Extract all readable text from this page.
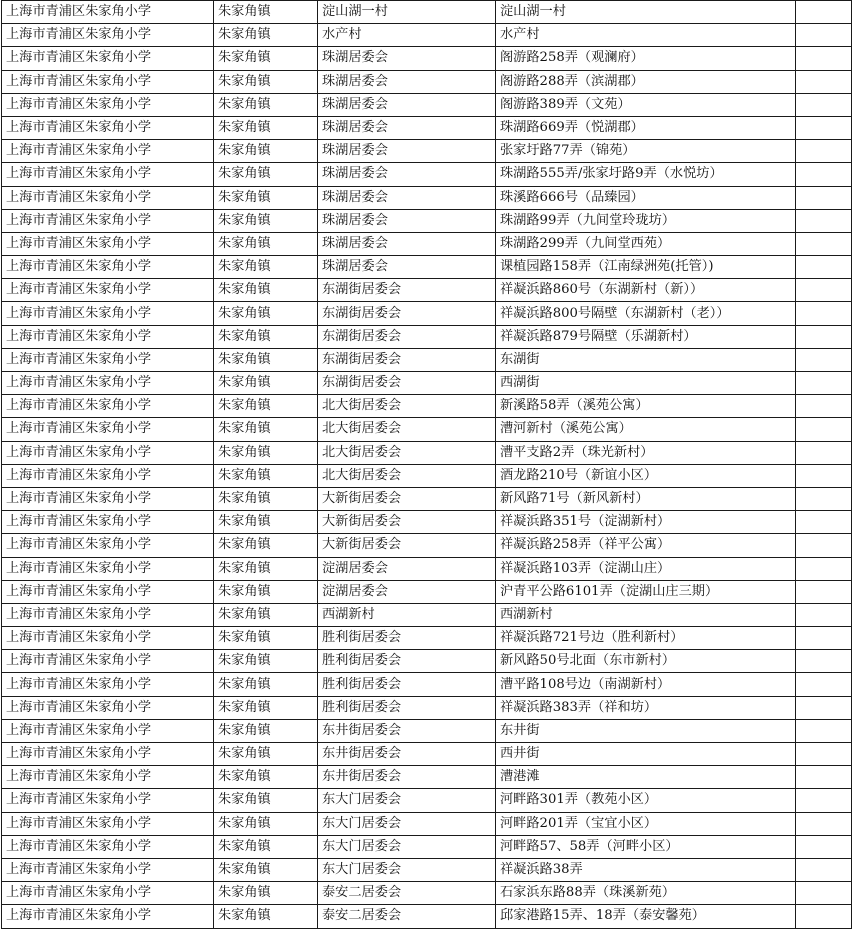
上海市青浦区朱家角小学	朱家角镇	淀山湖一村	淀山湖一村	
上海市青浦区朱家角小学	朱家角镇	水产村	水产村	
上海市青浦区朱家角小学	朱家角镇	珠湖居委会	阁游路258弄（观澜府）	
上海市青浦区朱家角小学	朱家角镇	珠湖居委会	阁游路288弄（滨湖郡）	
上海市青浦区朱家角小学	朱家角镇	珠湖居委会	阁游路389弄（文苑）	
上海市青浦区朱家角小学	朱家角镇	珠湖居委会	珠湖路669弄（悦湖郡）	
上海市青浦区朱家角小学	朱家角镇	珠湖居委会	张家圩路77弄（锦苑）	
上海市青浦区朱家角小学	朱家角镇	珠湖居委会	珠湖路555弄/张家圩路9弄（水悦坊）	
上海市青浦区朱家角小学	朱家角镇	珠湖居委会	珠溪路666号（品臻园）	
上海市青浦区朱家角小学	朱家角镇	珠湖居委会	珠湖路99弄（九间堂玲珑坊）	
上海市青浦区朱家角小学	朱家角镇	珠湖居委会	珠湖路299弄（九间堂西苑）	
上海市青浦区朱家角小学	朱家角镇	珠湖居委会	课植园路158弄（江南绿洲苑(托管）)	
上海市青浦区朱家角小学	朱家角镇	东湖街居委会	祥凝浜路860号（东湖新村（新））	
上海市青浦区朱家角小学	朱家角镇	东湖街居委会	祥凝浜路800号隔壁（东湖新村（老））	
上海市青浦区朱家角小学	朱家角镇	东湖街居委会	祥凝浜路879号隔壁（乐湖新村）	
上海市青浦区朱家角小学	朱家角镇	东湖街居委会	东湖街	
上海市青浦区朱家角小学	朱家角镇	东湖街居委会	西湖街	
上海市青浦区朱家角小学	朱家角镇	北大街居委会	新溪路58弄（溪苑公寓）	
上海市青浦区朱家角小学	朱家角镇	北大街居委会	漕河新村（溪苑公寓）	
上海市青浦区朱家角小学	朱家角镇	北大街居委会	漕平支路2弄（珠光新村）	
上海市青浦区朱家角小学	朱家角镇	北大街居委会	酒龙路210号（新谊小区）	
上海市青浦区朱家角小学	朱家角镇	大新街居委会	新风路71号（新风新村）	
上海市青浦区朱家角小学	朱家角镇	大新街居委会	祥凝浜路351号（淀湖新村）	
上海市青浦区朱家角小学	朱家角镇	大新街居委会	祥凝浜路258弄（祥平公寓）	
上海市青浦区朱家角小学	朱家角镇	淀湖居委会	祥凝浜路103弄（淀湖山庄）	
上海市青浦区朱家角小学	朱家角镇	淀湖居委会	沪青平公路6101弄（淀湖山庄三期）	
上海市青浦区朱家角小学	朱家角镇	西湖新村	西湖新村	
上海市青浦区朱家角小学	朱家角镇	胜利街居委会	祥凝浜路721号边（胜利新村）	
上海市青浦区朱家角小学	朱家角镇	胜利街居委会	新风路50号北面（东市新村）	
上海市青浦区朱家角小学	朱家角镇	胜利街居委会	漕平路108号边（南湖新村）	
上海市青浦区朱家角小学	朱家角镇	胜利街居委会	祥凝浜路383弄（祥和坊）	
上海市青浦区朱家角小学	朱家角镇	东井街居委会	东井街	
上海市青浦区朱家角小学	朱家角镇	东井街居委会	西井街	
上海市青浦区朱家角小学	朱家角镇	东井街居委会	漕港滩	
上海市青浦区朱家角小学	朱家角镇	东大门居委会	河畔路301弄（教苑小区）	
上海市青浦区朱家角小学	朱家角镇	东大门居委会	河畔路201弄（宝宜小区）	
上海市青浦区朱家角小学	朱家角镇	东大门居委会	河畔路57、58弄（河畔小区）	
上海市青浦区朱家角小学	朱家角镇	东大门居委会	祥凝浜路38弄	
上海市青浦区朱家角小学	朱家角镇	泰安二居委会	石家浜东路88弄（珠溪新苑）	
上海市青浦区朱家角小学	朱家角镇	泰安二居委会	邱家港路15弄、18弄（泰安馨苑）	
